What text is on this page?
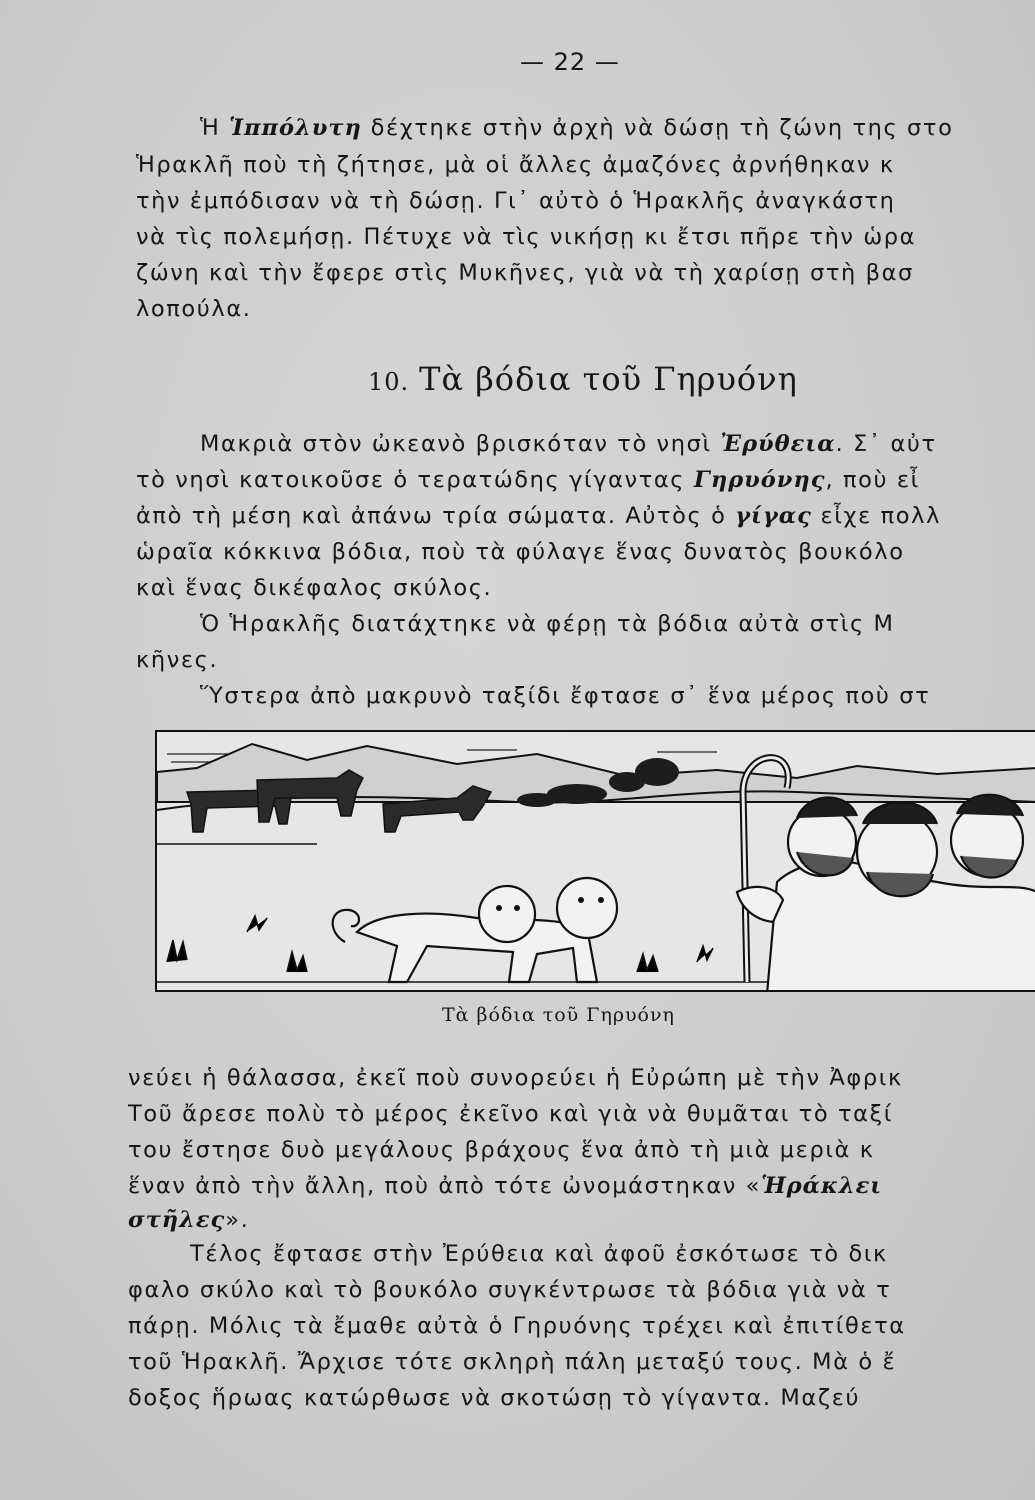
— 22 —
Ἡ Ἱππόλυτη δέχτηκε στὴν ἀρχὴ νὰ δώσῃ τὴ ζώνη της στο
Ἡρακλῆ ποὺ τὴ ζήτησε, μὰ οἱ ἄλλες ἀμαζόνες ἀρνήθηκαν κ
τὴν ἐμπόδισαν νὰ τὴ δώσῃ. Γι᾽ αὐτὸ ὁ Ἡρακλῆς ἀναγκάστη
νὰ τὶς πολεμήσῃ. Πέτυχε νὰ τὶς νικήσῃ κι ἔτσι πῆρε τὴν ὡρα
ζώνη καὶ τὴν ἔφερε στὶς Μυκῆνες, γιὰ νὰ τὴ χαρίσῃ στὴ βασ
λοπούλα.
10. Τὰ βόδια τοῦ Γηρυόνη
Μακριὰ στὸν ὠκεανὸ βρισκόταν τὸ νησὶ Ἐρύθεια. Σ᾽ αὐτ
τὸ νησὶ κατοικοῦσε ὁ τερατώδης γίγαντας Γηρυόνης, ποὺ εἶ
ἀπὸ τὴ μέση καὶ ἀπάνω τρία σώματα. Αὐτὸς ὁ γίγας εἶχε πολλ
ὡραῖα κόκκινα βόδια, ποὺ τὰ φύλαγε ἕνας δυνατὸς βουκόλο
καὶ ἕνας δικέφαλος σκύλος.
Ὁ Ἡρακλῆς διατάχτηκε νὰ φέρῃ τὰ βόδια αὐτὰ στὶς Μ
κῆνες.
Ὕστερα ἀπὸ μακρυνὸ ταξίδι ἔφτασε σ᾽ ἕνα μέρος ποὺ στ
Τὰ βόδια τοῦ Γηρυόνη
νεύει ἡ θάλασσα, ἐκεῖ ποὺ συνορεύει ἡ Εὐρώπη μὲ τὴν Ἀφρικ
Τοῦ ἄρεσε πολὺ τὸ μέρος ἐκεῖνο καὶ γιὰ νὰ θυμᾶται τὸ ταξί
του ἔστησε δυὸ μεγάλους βράχους ἕνα ἀπὸ τὴ μιὰ μεριὰ κ
ἕναν ἀπὸ τὴν ἄλλη, ποὺ ἀπὸ τότε ὠνομάστηκαν «Ἡράκλει
στῆλες».
Τέλος ἔφτασε στὴν Ἐρύθεια καὶ ἀφοῦ ἐσκότωσε τὸ δικ
φαλο σκύλο καὶ τὸ βουκόλο συγκέντρωσε τὰ βόδια γιὰ νὰ τ
πάρῃ. Μόλις τὰ ἔμαθε αὐτὰ ὁ Γηρυόνης τρέχει καὶ ἐπιτίθετα
τοῦ Ἡρακλῆ. Ἄρχισε τότε σκληρὴ πάλη μεταξύ τους. Μὰ ὁ ἔ
δοξος ἥρωας κατώρθωσε νὰ σκοτώσῃ τὸ γίγαντα. Μαζεύ
